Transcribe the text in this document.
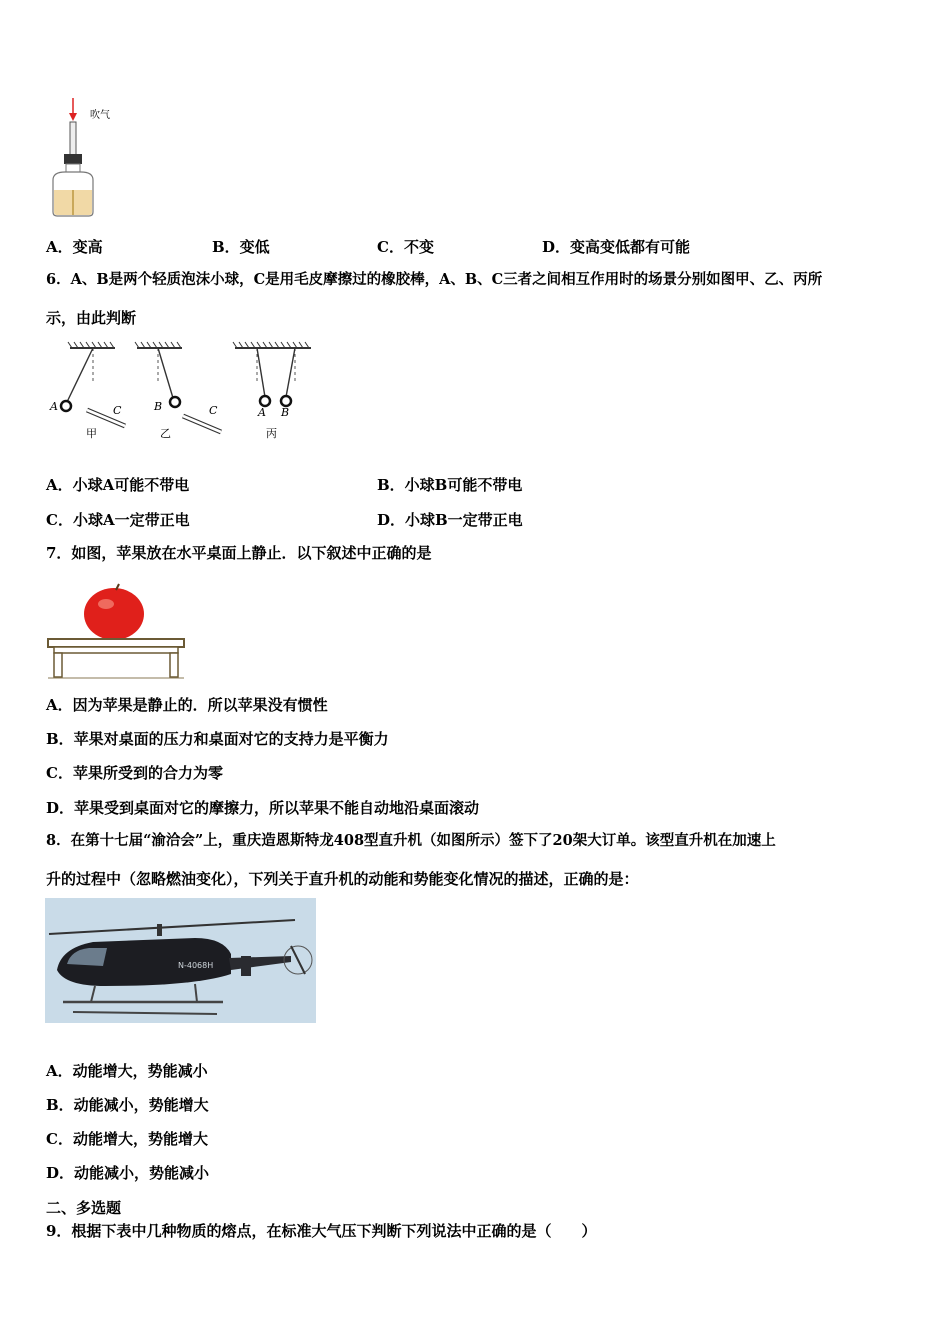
吹气
A．变高	B．变低	C．不变	D．变高变低都有可能
6．A、B是两个轻质泡沫小球，C是用毛皮摩擦过的橡胶棒，A、B、C三者之间相互作用时的场景分别如图甲、乙、丙所
示，由此判断
A	C	B	C	A B
甲	乙	丙
A．小球A可能不带电	B．小球B可能不带电
C．小球A一定带正电	D．小球B一定带正电
7．如图，苹果放在水平桌面上静止．以下叙述中正确的是
A．因为苹果是静止的．所以苹果没有惯性
B．苹果对桌面的压力和桌面对它的支持力是平衡力
C．苹果所受到的合力为零
D．苹果受到桌面对它的摩擦力，所以苹果不能自动地沿桌面滚动
8．在第十七届“渝洽会”上，重庆造恩斯特龙408型直升机（如图所示）签下了20架大订单。该型直升机在加速上
升的过程中（忽略燃油变化），下列关于直升机的动能和势能变化情况的描述，正确的是：
N-4068H
A．动能增大，势能减小
B．动能减小，势能增大
C．动能增大，势能增大
D．动能减小，势能减小
二、多选题
9．根据下表中几种物质的熔点，在标准大气压下判断下列说法中正确的是（　　）
